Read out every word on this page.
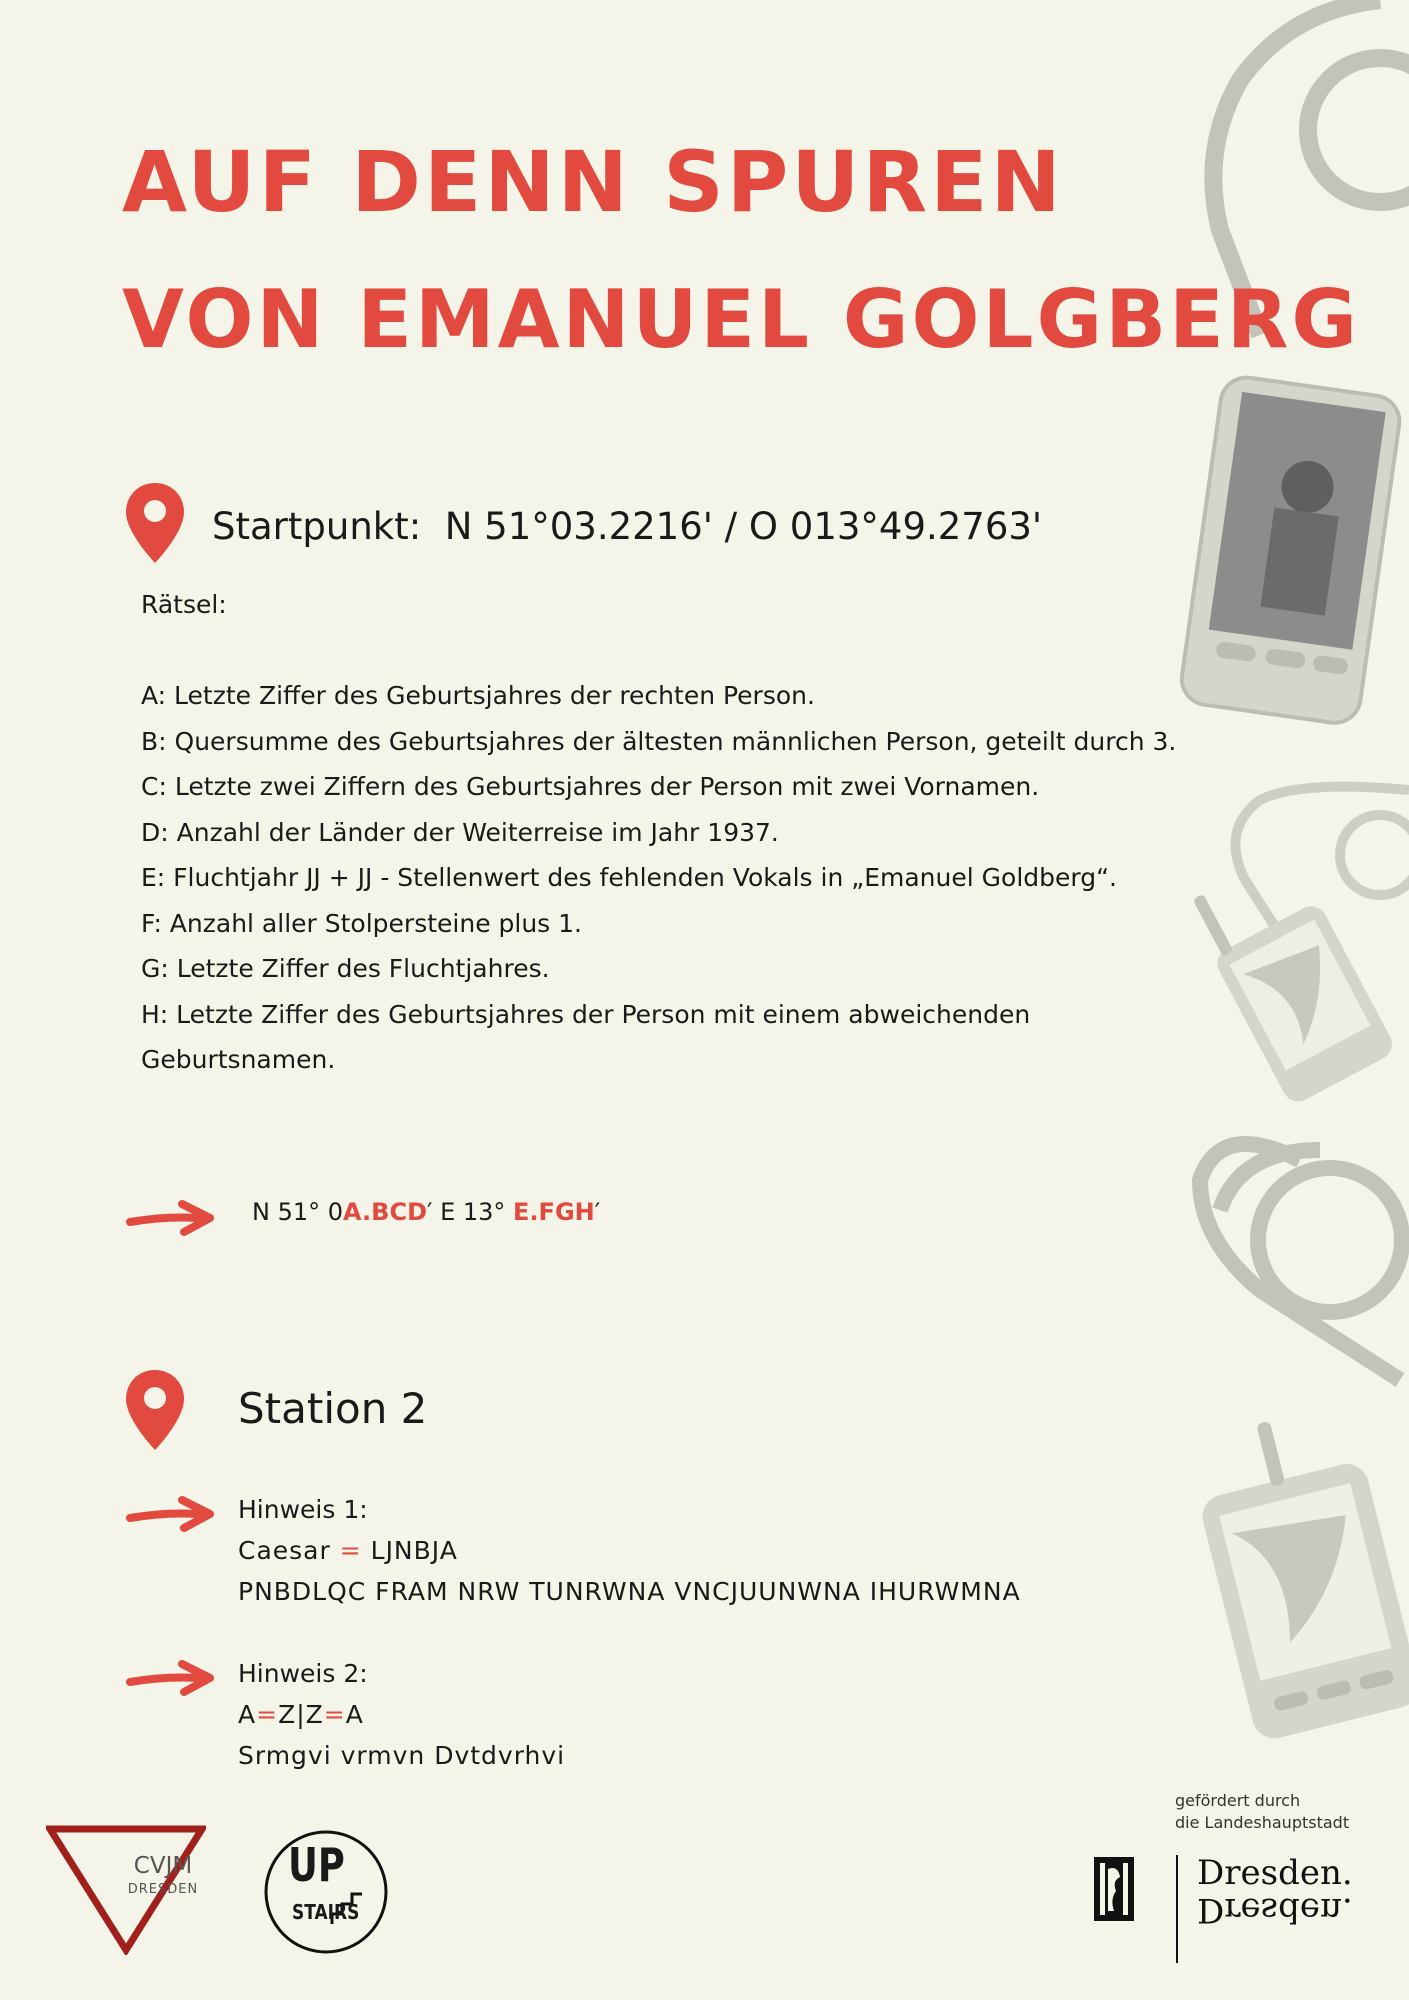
AUF DENN SPUREN
VON EMANUEL GOLGBERG
Startpunkt: N 51°03.2216' / O 013°49.2763'

Rätsel:

A: Letzte Ziffer des Geburtsjahres der rechten Person.

B: Quersumme des Geburtsjahres der ältesten männlichen Person, geteilt durch 3.

C: Letzte zwei Ziffern des Geburtsjahres der Person mit zwei Vornamen.

D: Anzahl der Länder der Weiterreise im Jahr 1937.

E: Fluchtjahr JJ + JJ - Stellenwert des fehlenden Vokals in „Emanuel Goldberg“.

F: Anzahl aller Stolpersteine plus 1.

G: Letzte Ziffer des Fluchtjahres.

H: Letzte Ziffer des Geburtsjahres der Person mit einem abweichenden Geburtsnamen.

N 51° 0A.BCD′ E 13° E.FGH′
Station 2
Hinweis 1:
Caesar = LJNBJA
PNBDLQC FRAM NRW TUNRWNA VNCJUUNWNA IHURWMNA
Hinweis 2:
A=Z|Z=A
Srmgvi vrmvn Dvtdvrhvi
CVJM
DRESDEN UP
STAIRS
gefördert durch
die Landeshauptstadt
Dresden.
Dresden.
